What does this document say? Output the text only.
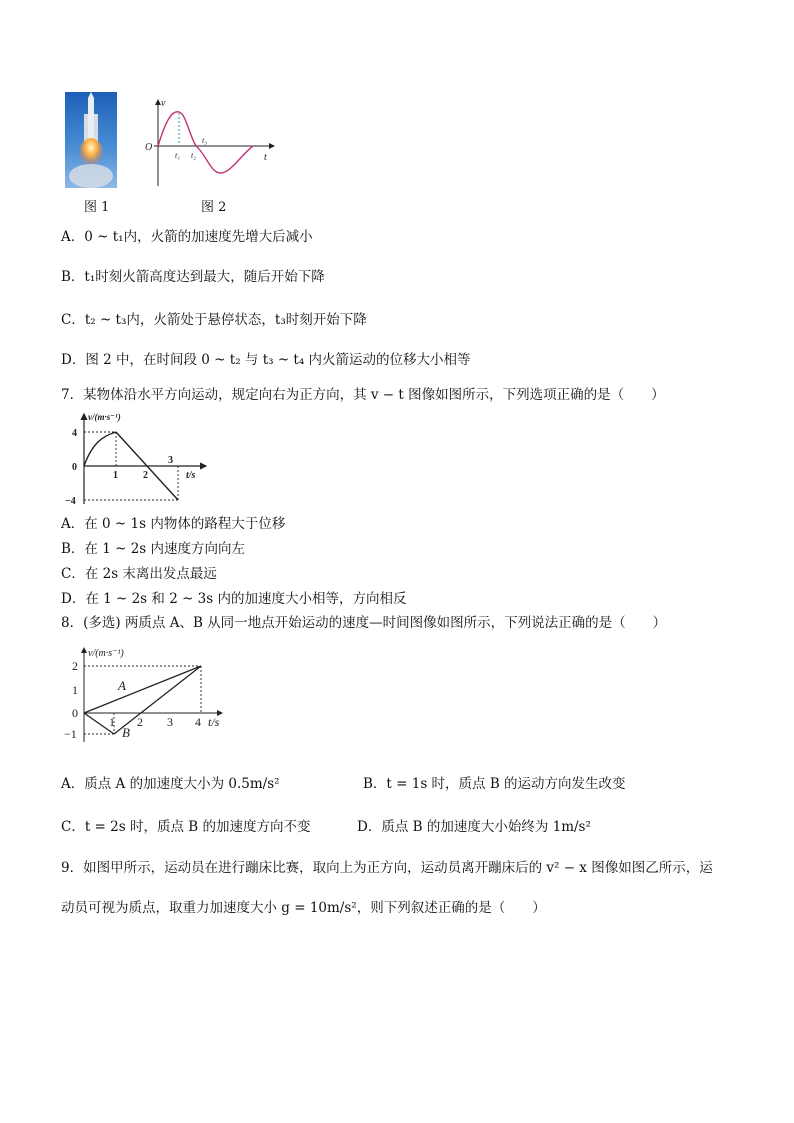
图 1
v
O
t
t₁ t₂
t₃
图 2
A．0 ~ t₁内，火箭的加速度先增大后减小
B．t₁时刻火箭高度达到最大，随后开始下降
C．t₂ ~ t₃内，火箭处于悬停状态，t₃时刻开始下降
D．图 2 中，在时间段 0 ~ t₂ 与 t₃ ~ t₄ 内火箭运动的位移大小相等
7．某物体沿水平方向运动，规定向右为正方向，其 v − t 图像如图所示，下列选项正确的是（　　）
v/(m·s⁻¹)
4
0
−4
1	2
3
t/s
A．在 0 ~ 1s 内物体的路程大于位移
B．在 1 ~ 2s 内速度方向向左
C．在 2s 末离出发点最远
D．在 1 ~ 2s 和 2 ~ 3s 内的加速度大小相等，方向相反
8．(多选) 两质点 A、B 从同一地点开始运动的速度—时间图像如图所示，下列说法正确的是（　　）
v/(m·s⁻¹)
2
1
0
−1
1 2 3 4 t/s
A
B
A．质点 A 的加速度大小为 0.5m/s²	B．t = 1s 时，质点 B 的运动方向发生改变
C．t = 2s 时，质点 B 的加速度方向不变	D．质点 B 的加速度大小始终为 1m/s²
9．如图甲所示，运动员在进行蹦床比赛，取向上为正方向，运动员离开蹦床后的 v² − x 图像如图乙所示，运
动员可视为质点，取重力加速度大小 g = 10m/s²，则下列叙述正确的是（　　）
